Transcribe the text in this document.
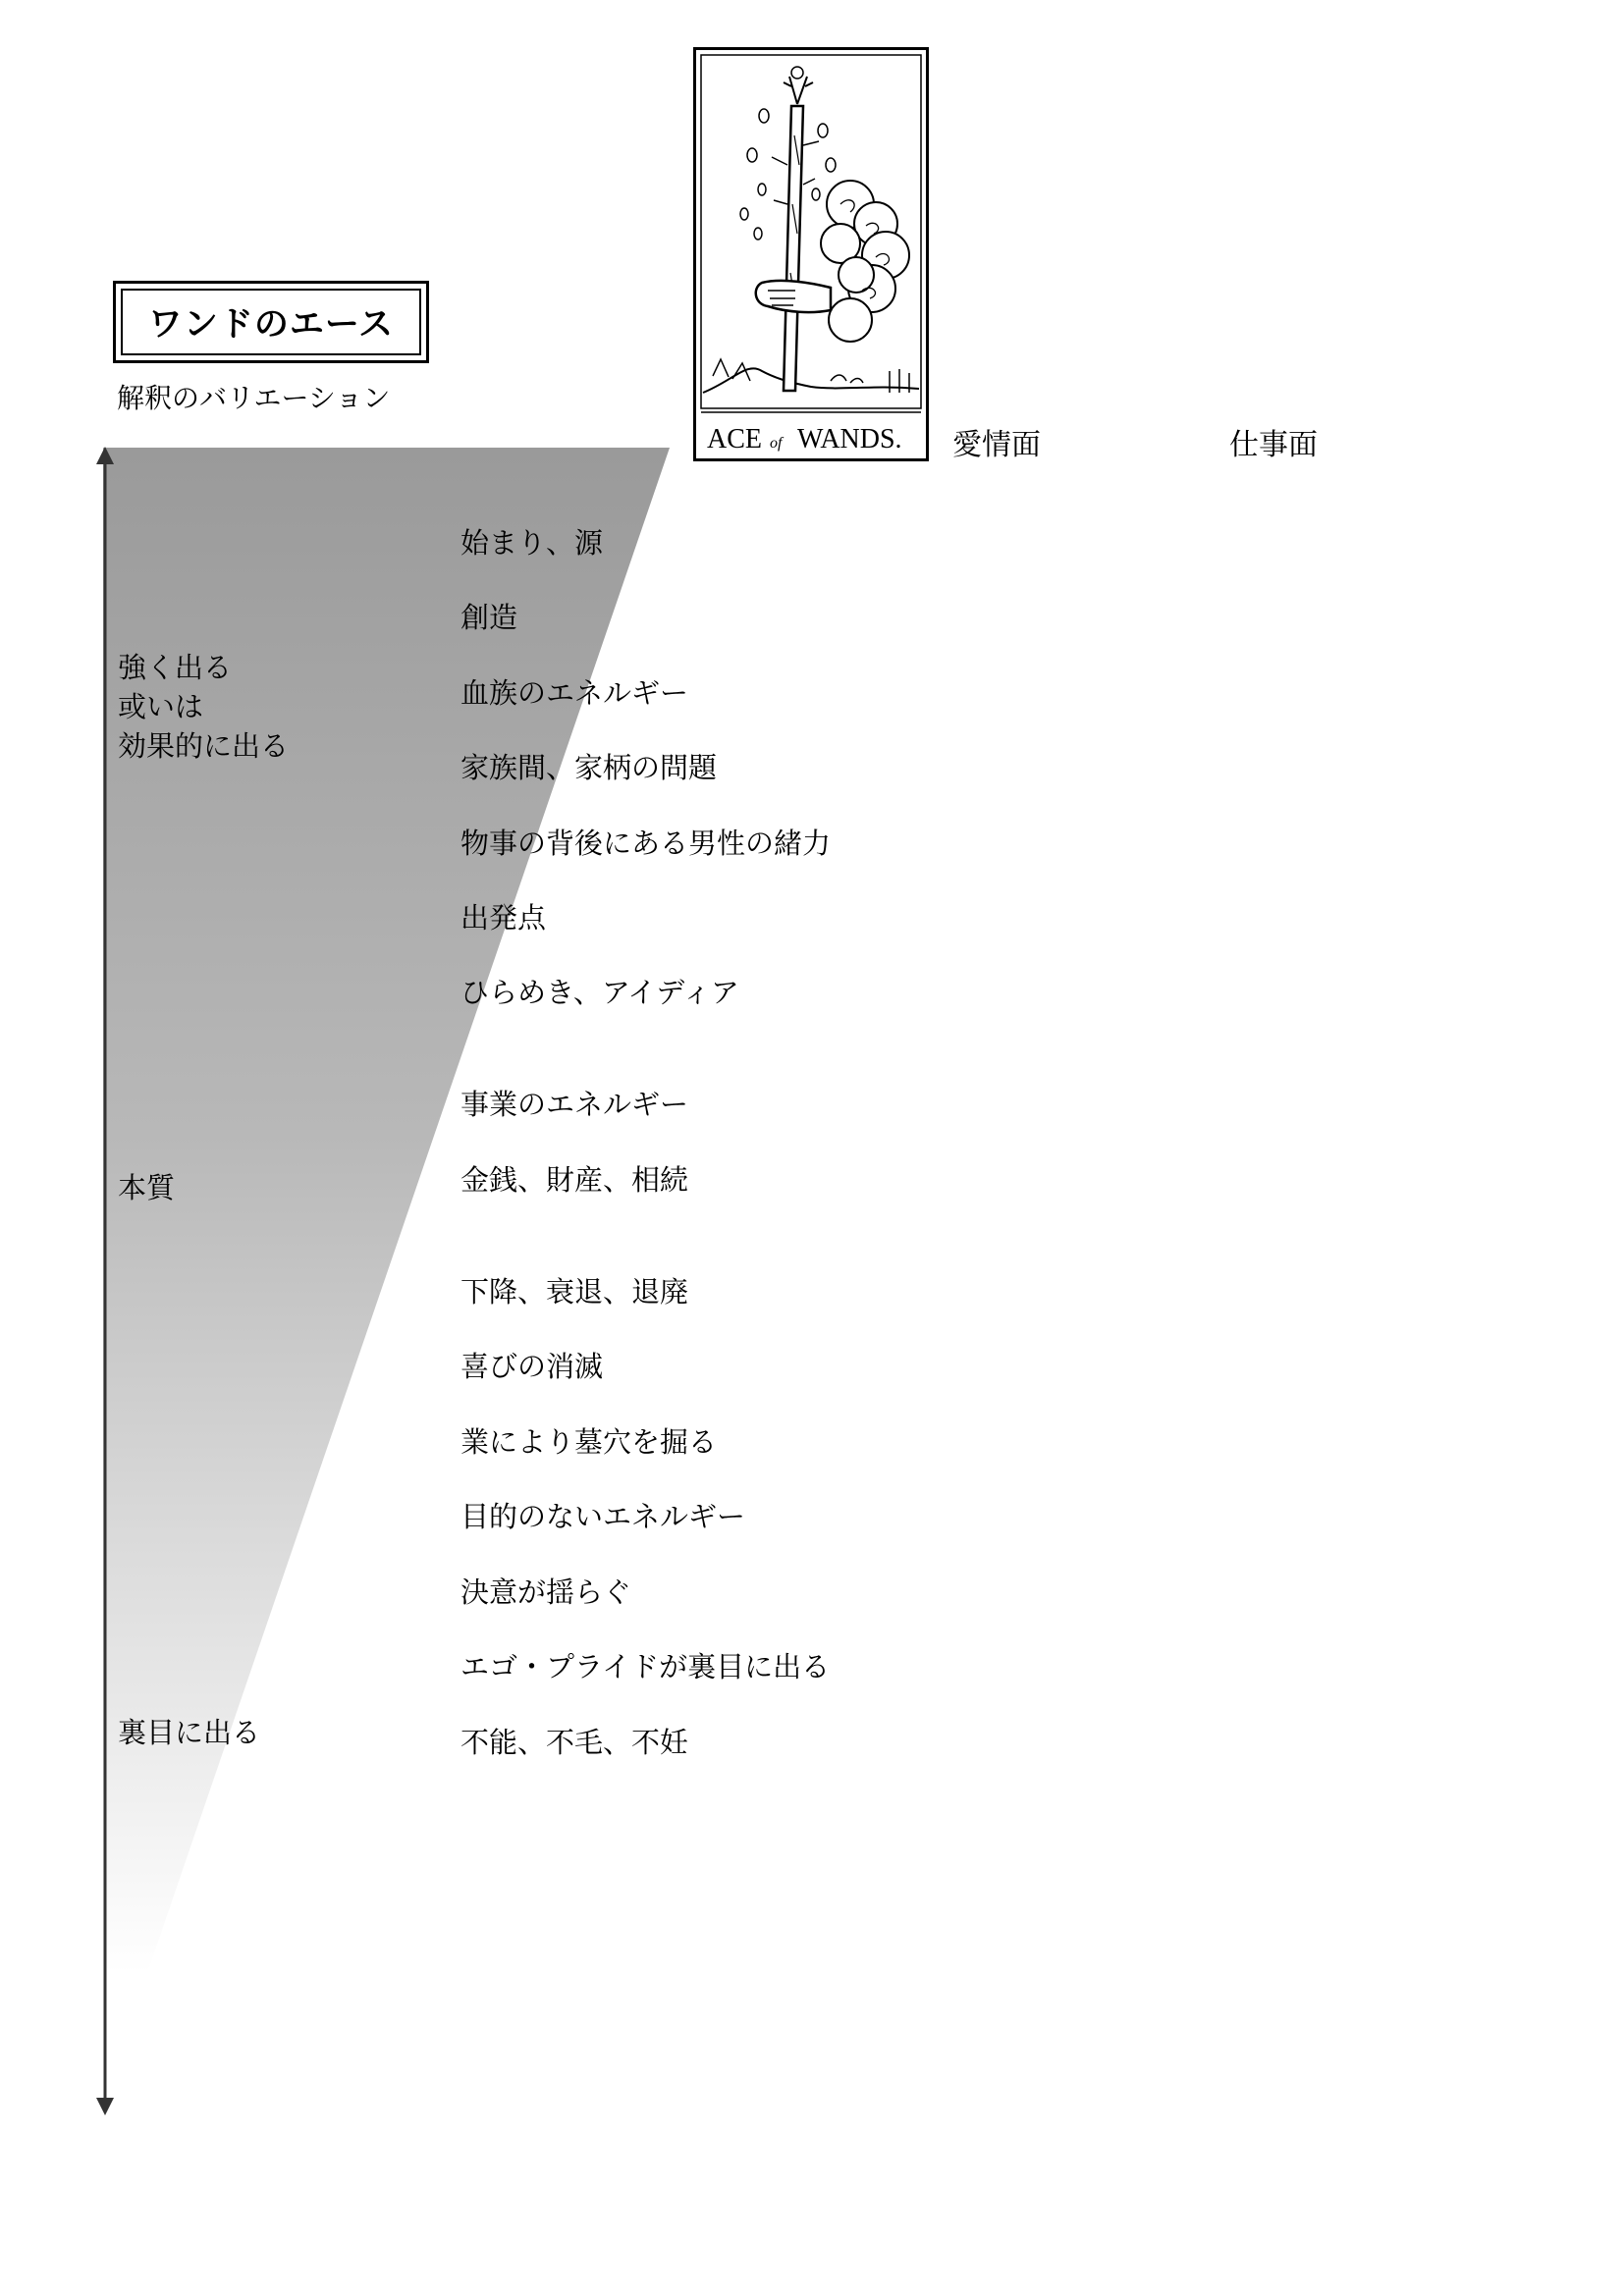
ワンドのエース
解釈のバリエーション
ACE of WANDS. 愛情面	仕事面
強く出る
或いは
効果的に出る
本質
裏目に出る
始まり、源
創造
血族のエネルギー
家族間、家柄の問題
物事の背後にある男性の緒力
出発点
ひらめき、アイディア
事業のエネルギー
金銭、財産、相続
下降、衰退、退廃
喜びの消滅
業により墓穴を掘る
目的のないエネルギー
決意が揺らぐ
エゴ・プライドが裏目に出る
不能、不毛、不妊
